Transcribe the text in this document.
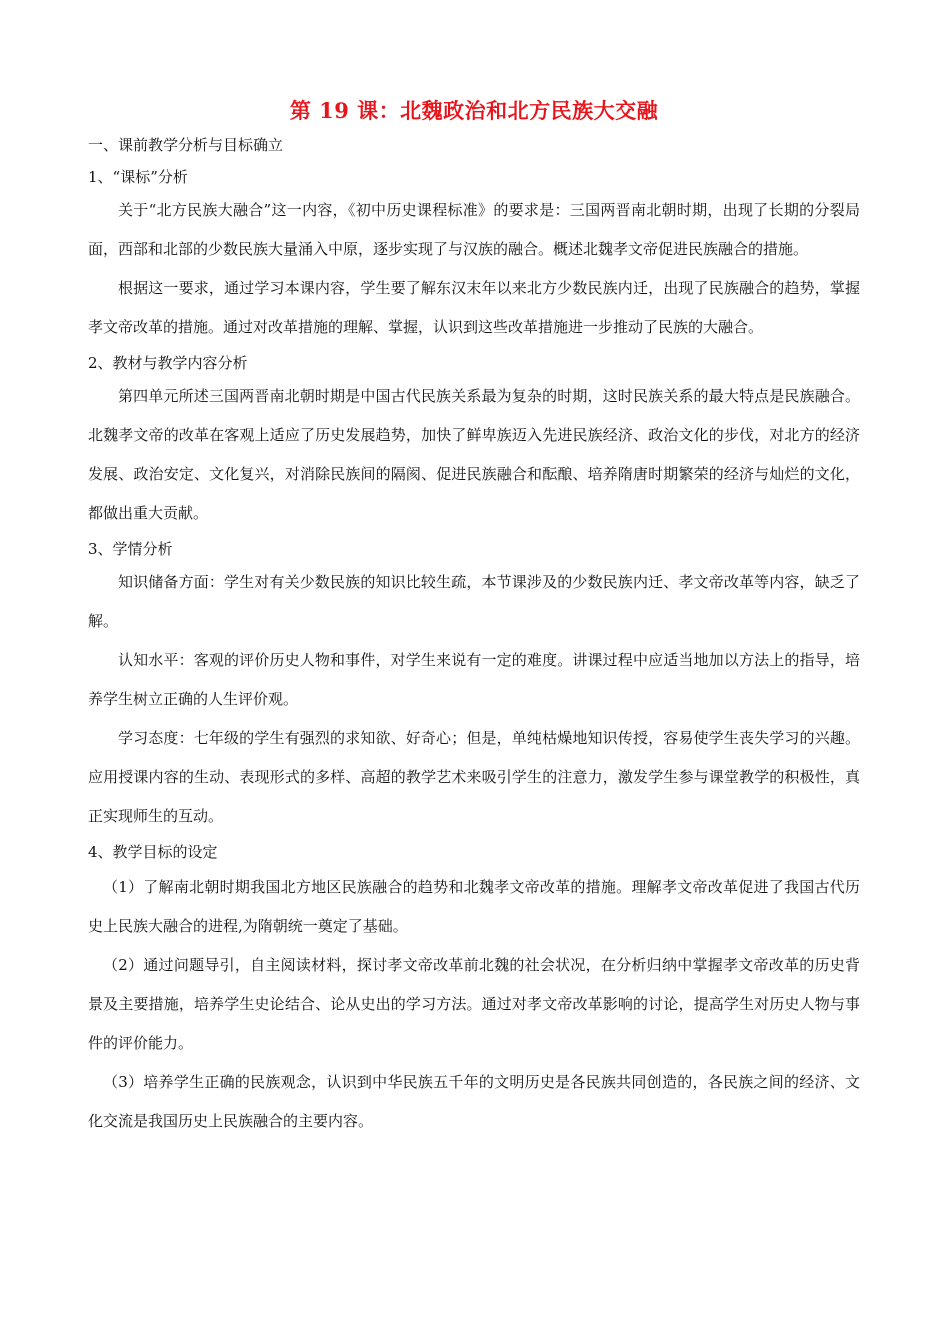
第 19 课：北魏政治和北方民族大交融

一、课前教学分析与目标确立

1、“课标”分析

关于“北方民族大融合”这一内容，《初中历史课程标准》的要求是：三国两晋南北朝时期，出现了长期的分裂局面，西部和北部的少数民族大量涌入中原，逐步实现了与汉族的融合。概述北魏孝文帝促进民族融合的措施。

根据这一要求，通过学习本课内容，学生要了解东汉末年以来北方少数民族内迁，出现了民族融合的趋势，掌握孝文帝改革的措施。通过对改革措施的理解、掌握，认识到这些改革措施进一步推动了民族的大融合。

2、教材与教学内容分析

第四单元所述三国两晋南北朝时期是中国古代民族关系最为复杂的时期，这时民族关系的最大特点是民族融合。北魏孝文帝的改革在客观上适应了历史发展趋势，加快了鲜卑族迈入先进民族经济、政治文化的步伐，对北方的经济发展、政治安定、文化复兴，对消除民族间的隔阂、促进民族融合和酝酿、培养隋唐时期繁荣的经济与灿烂的文化，都做出重大贡献。

3、学情分析

知识储备方面：学生对有关少数民族的知识比较生疏，本节课涉及的少数民族内迁、孝文帝改革等内容，缺乏了解。

认知水平：客观的评价历史人物和事件，对学生来说有一定的难度。讲课过程中应适当地加以方法上的指导，培养学生树立正确的人生评价观。

学习态度：七年级的学生有强烈的求知欲、好奇心；但是，单纯枯燥地知识传授，容易使学生丧失学习的兴趣。应用授课内容的生动、表现形式的多样、高超的教学艺术来吸引学生的注意力，激发学生参与课堂教学的积极性，真正实现师生的互动。

4、教学目标的设定

（1）了解南北朝时期我国北方地区民族融合的趋势和北魏孝文帝改革的措施。理解孝文帝改革促进了我国古代历史上民族大融合的进程,为隋朝统一奠定了基础。

（2）通过问题导引，自主阅读材料，探讨孝文帝改革前北魏的社会状况，在分析归纳中掌握孝文帝改革的历史背景及主要措施，培养学生史论结合、论从史出的学习方法。通过对孝文帝改革影响的讨论，提高学生对历史人物与事件的评价能力。

（3）培养学生正确的民族观念，认识到中华民族五千年的文明历史是各民族共同创造的，各民族之间的经济、文化交流是我国历史上民族融合的主要内容。
